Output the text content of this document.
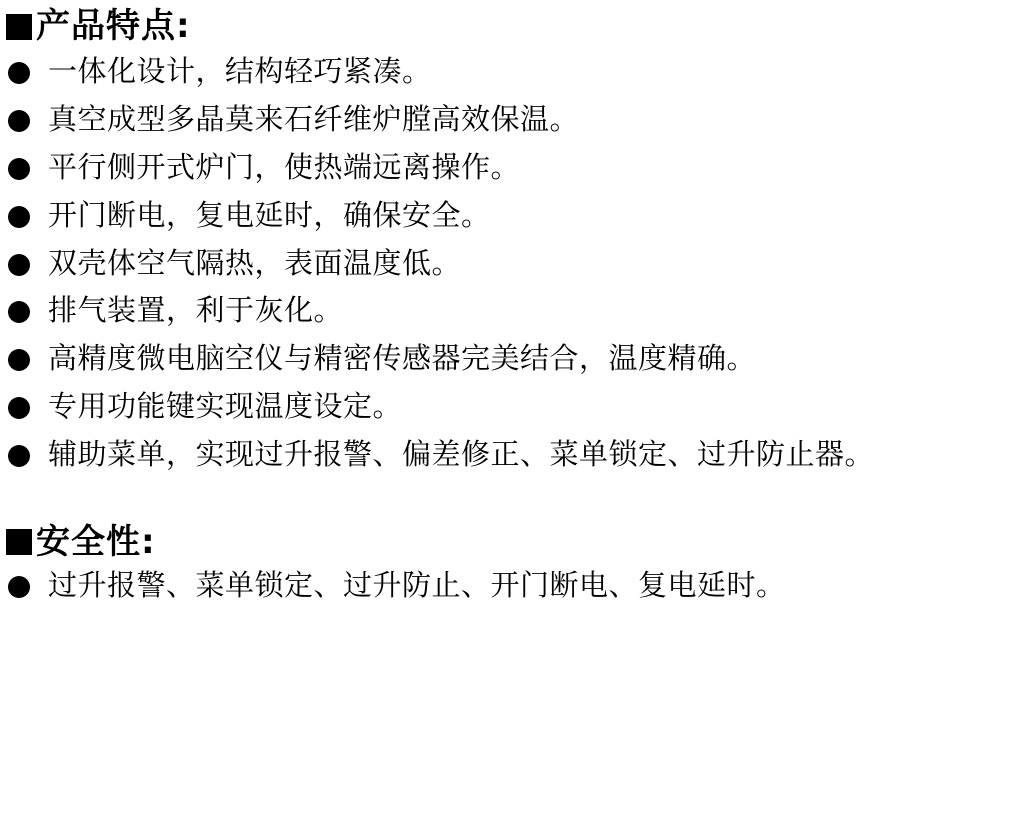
产品特点:
一体化设计，结构轻巧紧凑。
真空成型多晶莫来石纤维炉膛高效保温。
平行侧开式炉门，使热端远离操作。
开门断电，复电延时，确保安全。
双壳体空气隔热，表面温度低。
排气装置，利于灰化。
高精度微电脑空仪与精密传感器完美结合，温度精确。
专用功能键实现温度设定。
辅助菜单，实现过升报警、偏差修正、菜单锁定、过升防止器。
安全性:
过升报警、菜单锁定、过升防止、开门断电、复电延时。
